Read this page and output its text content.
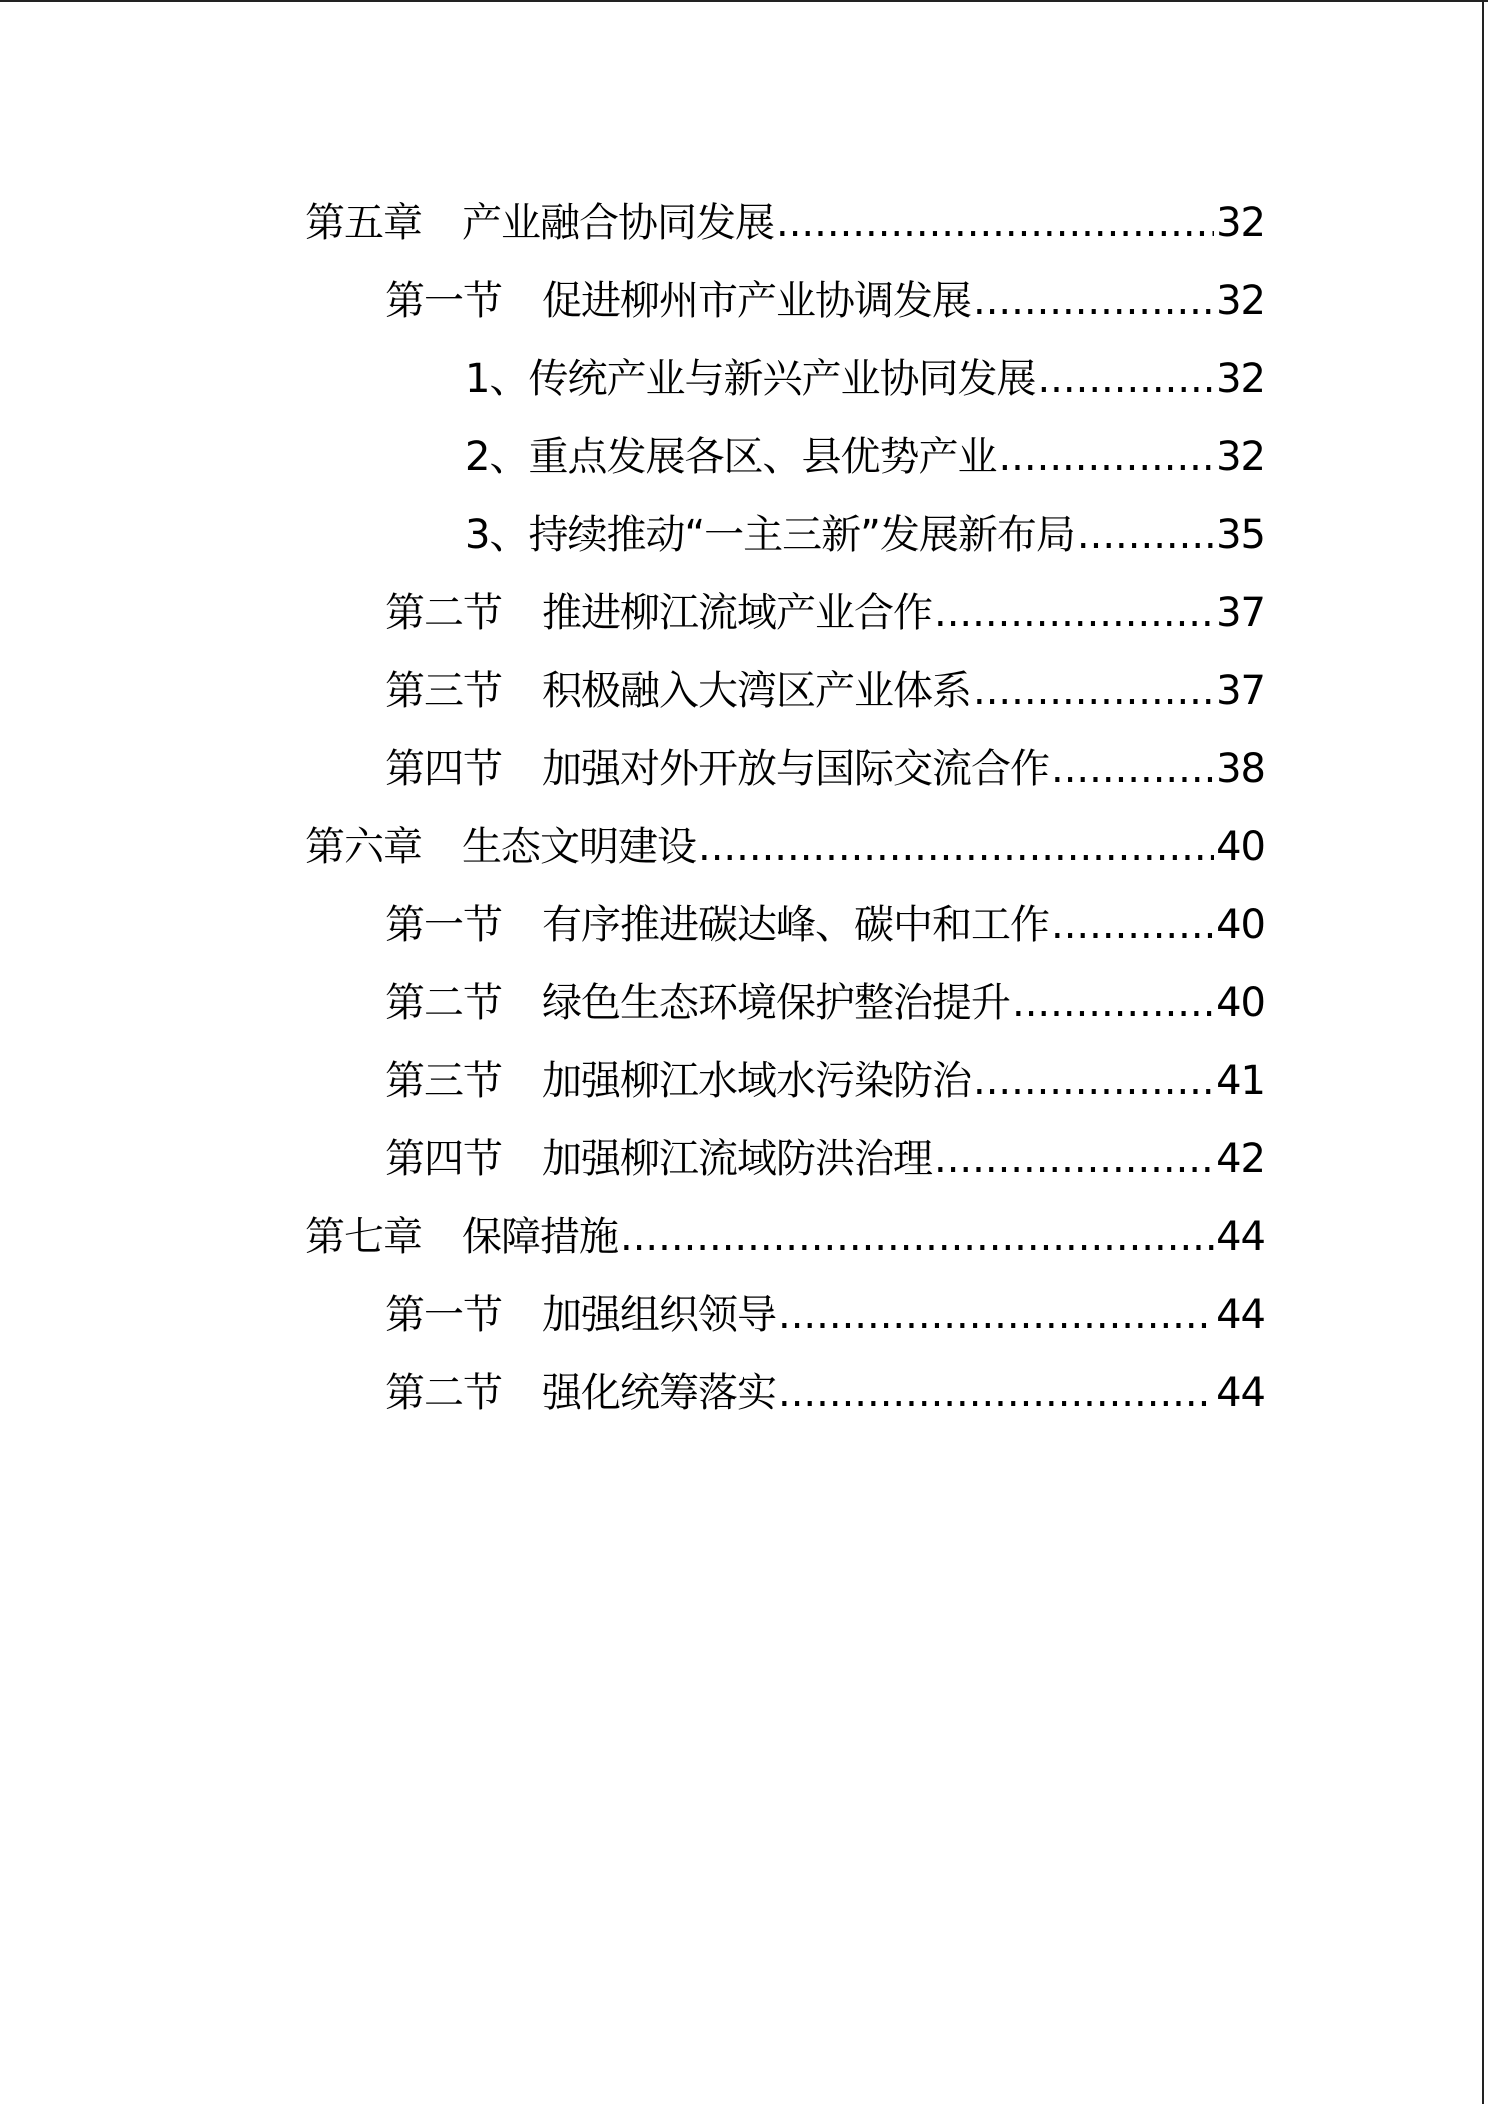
第五章 产业融合协同发展 .....	32
第一节 促进柳州市产业协调发展 .....	32
1、传统产业与新兴产业协同发展 .....	32
2、重点发展各区、县优势产业 .....	32
3、持续推动“一主三新”发展新布局 .....	35
第二节 推进柳江流域产业合作 .....	37
第三节 积极融入大湾区产业体系 .....	37
第四节 加强对外开放与国际交流合作 .....	38
第六章 生态文明建设 .....	40
第一节 有序推进碳达峰、碳中和工作 .....	40
第二节 绿色生态环境保护整治提升 .....	40
第三节 加强柳江水域水污染防治 .....	41
第四节 加强柳江流域防洪治理 .....	42
第七章 保障措施 .....	44
第一节 加强组织领导 .....	44
第二节 强化统筹落实 .....	44
